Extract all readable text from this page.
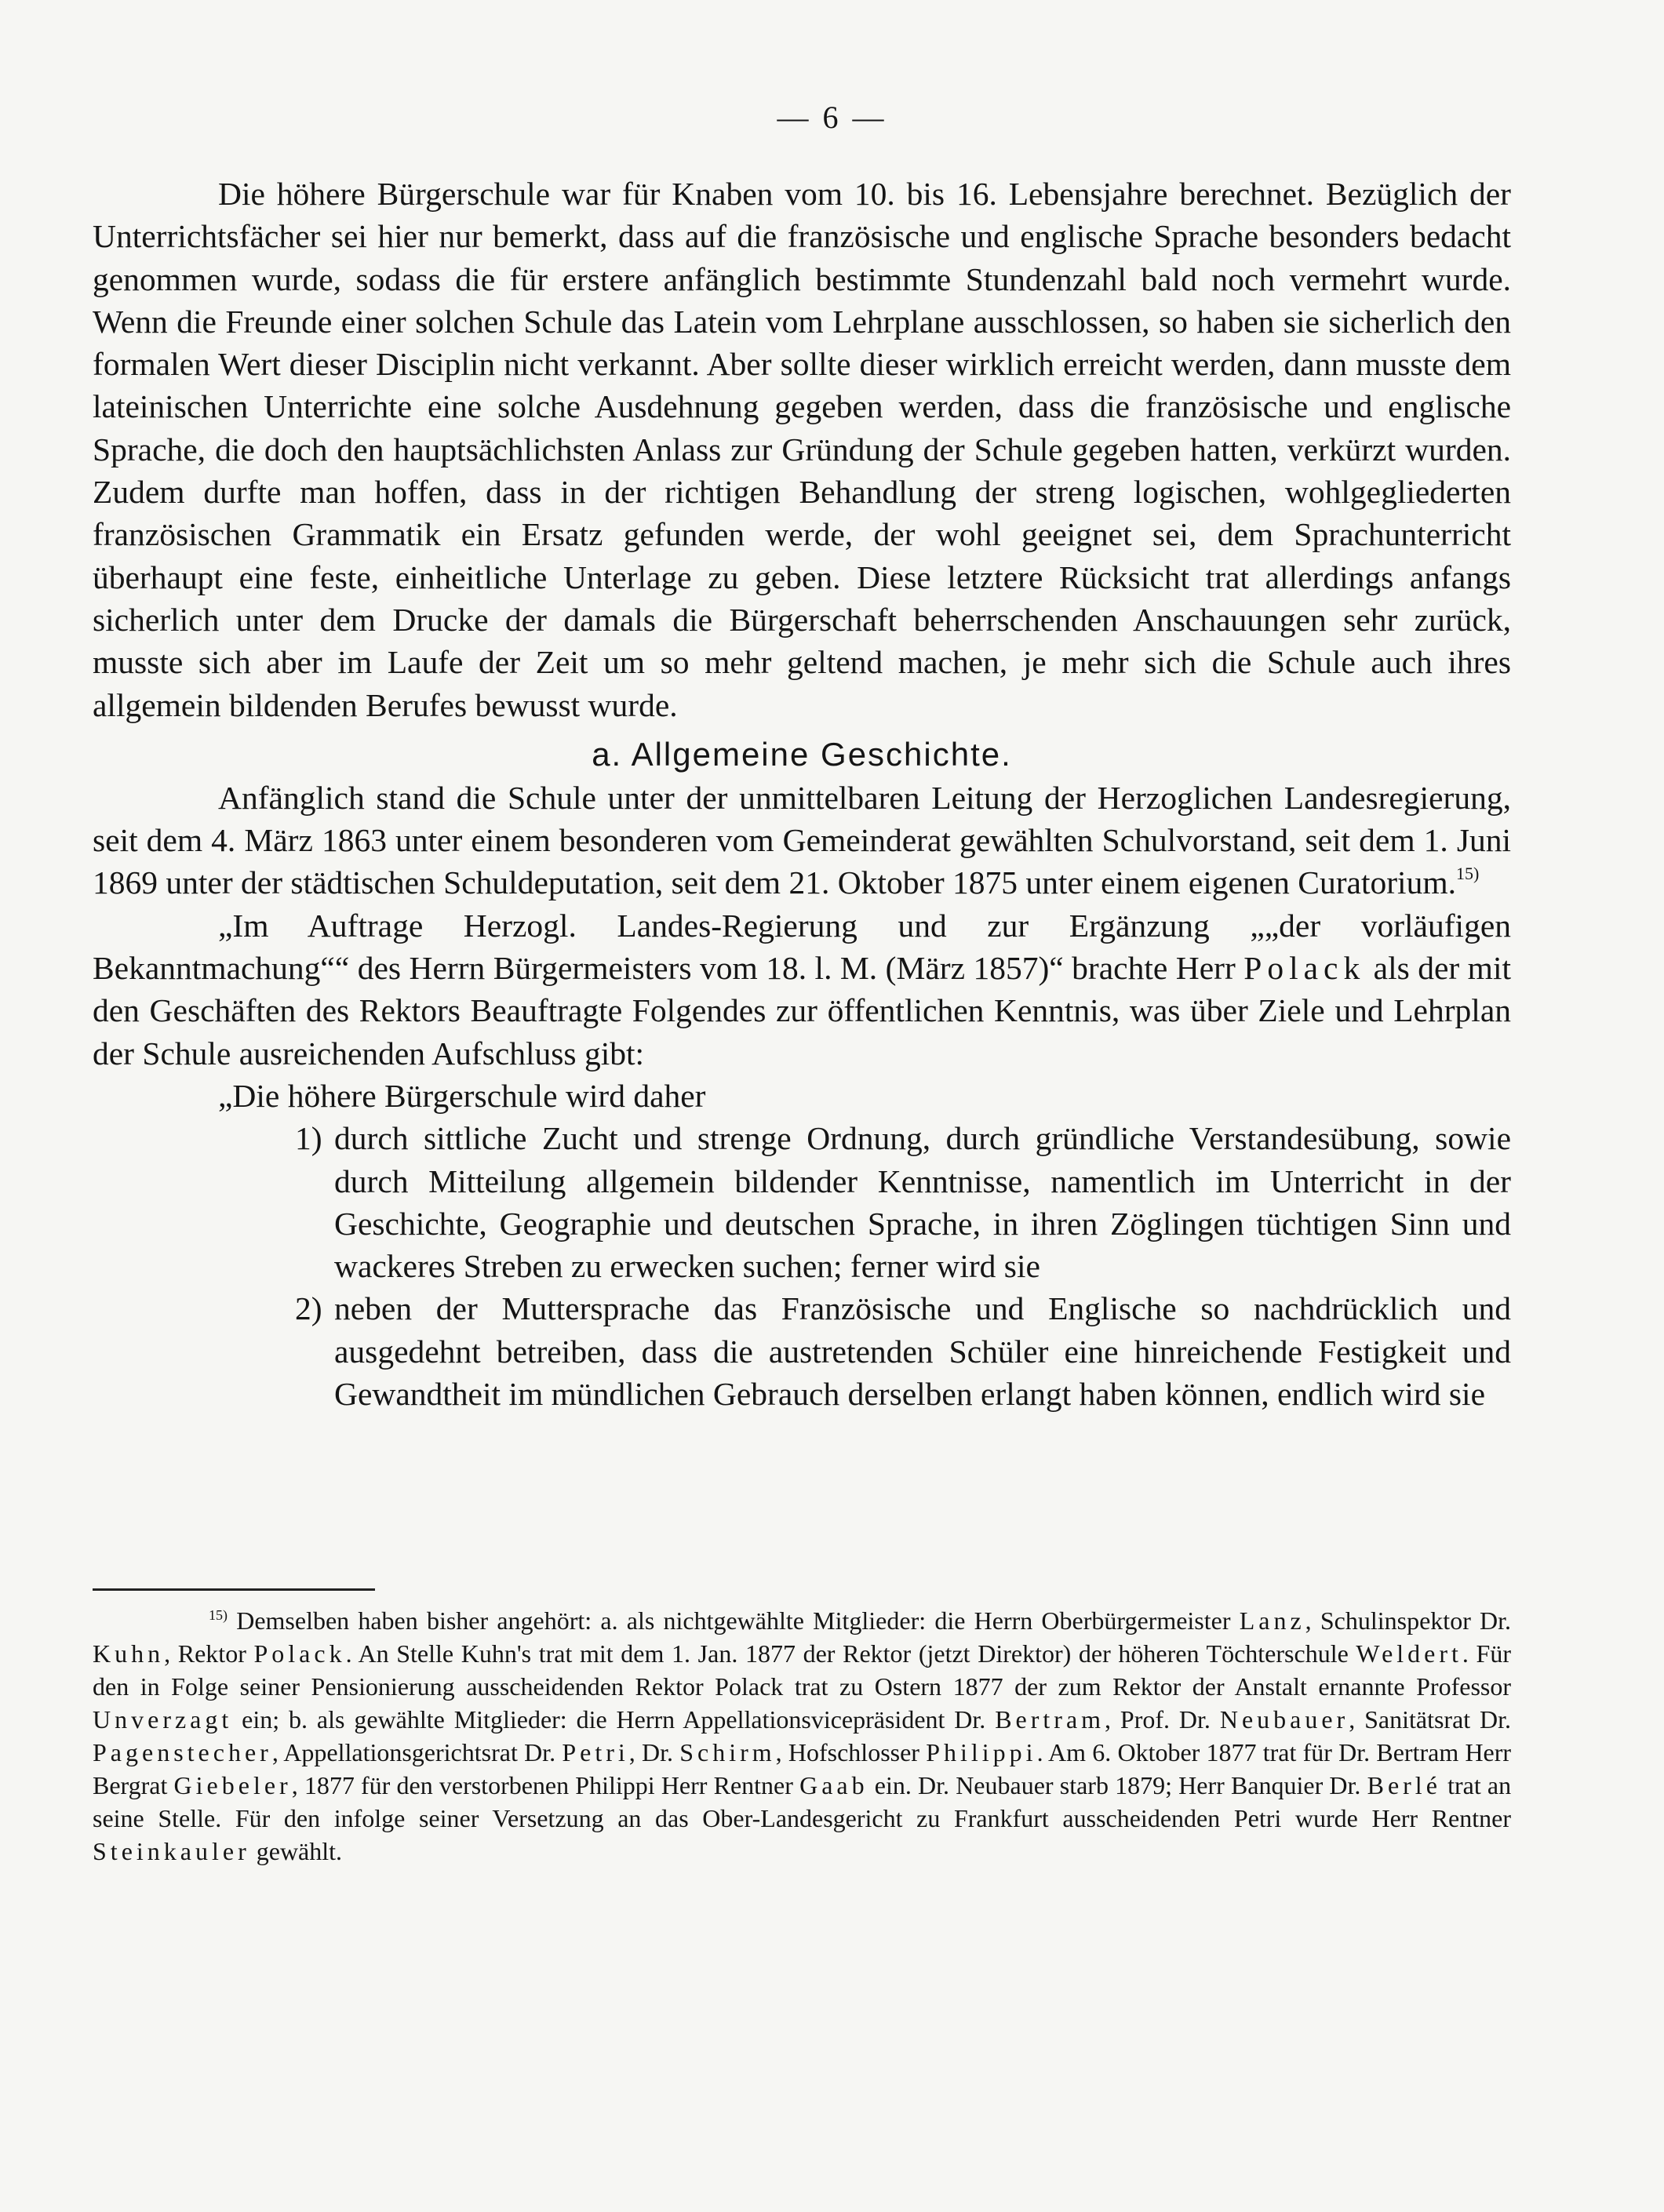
— 6 —

Die höhere Bürgerschule war für Knaben vom 10. bis 16. Lebensjahre berechnet. Bezüglich der Unterrichtsfächer sei hier nur bemerkt, dass auf die französische und englische Sprache besonders bedacht genommen wurde, sodass die für erstere anfänglich bestimmte Stundenzahl bald noch vermehrt wurde. Wenn die Freunde einer solchen Schule das Latein vom Lehrplane ausschlossen, so haben sie sicherlich den formalen Wert dieser Disciplin nicht verkannt. Aber sollte dieser wirklich erreicht werden, dann musste dem lateinischen Unterrichte eine solche Ausdehnung gegeben werden, dass die französische und englische Sprache, die doch den hauptsächlichsten Anlass zur Gründung der Schule gegeben hatten, verkürzt wurden. Zudem durfte man hoffen, dass in der richtigen Behandlung der streng logischen, wohlgegliederten französischen Grammatik ein Ersatz gefunden werde, der wohl geeignet sei, dem Sprachunterricht überhaupt eine feste, einheitliche Unterlage zu geben. Diese letztere Rücksicht trat allerdings anfangs sicherlich unter dem Drucke der damals die Bürgerschaft beherrschenden Anschauungen sehr zurück, musste sich aber im Laufe der Zeit um so mehr geltend machen, je mehr sich die Schule auch ihres allgemein bildenden Berufes bewusst wurde.

a. Allgemeine Geschichte.

Anfänglich stand die Schule unter der unmittelbaren Leitung der Herzoglichen Landesregierung, seit dem 4. März 1863 unter einem besonderen vom Gemeinderat gewählten Schulvorstand, seit dem 1. Juni 1869 unter der städtischen Schuldeputation, seit dem 21. Oktober 1875 unter einem eigenen Curatorium.$^{15)}$

„Im Auftrage Herzogl. Landes-Regierung und zur Ergänzung „„der vorläufigen Bekanntmachung““ des Herrn Bürgermeisters vom 18. l. M. (März 1857)“ brachte Herr Polack als der mit den Geschäften des Rektors Beauftragte Folgendes zur öffentlichen Kenntnis, was über Ziele und Lehrplan der Schule ausreichenden Aufschluss gibt:

„Die höhere Bürgerschule wird daher

1) durch sittliche Zucht und strenge Ordnung, durch gründliche Verstandesübung, sowie durch Mitteilung allgemein bildender Kenntnisse, namentlich im Unterricht in der Geschichte, Geographie und deutschen Sprache, in ihren Zöglingen tüchtigen Sinn und wackeres Streben zu erwecken suchen; ferner wird sie
2) neben der Muttersprache das Französische und Englische so nachdrücklich und ausgedehnt betreiben, dass die austretenden Schüler eine hinreichende Festigkeit und Gewandtheit im mündlichen Gebrauch derselben erlangt haben können, endlich wird sie

$^{15)}$ Demselben haben bisher angehört: a. als nichtgewählte Mitglieder: die Herrn Oberbürgermeister Lanz, Schulinspektor Dr. Kuhn, Rektor Polack. An Stelle Kuhn's trat mit dem 1. Jan. 1877 der Rektor (jetzt Direktor) der höheren Töchterschule Weldert. Für den in Folge seiner Pensionierung ausscheidenden Rektor Polack trat zu Ostern 1877 der zum Rektor der Anstalt ernannte Professor Unverzagt ein; b. als gewählte Mitglieder: die Herrn Appellationsvicepräsident Dr. Bertram, Prof. Dr. Neubauer, Sanitätsrat Dr. Pagenstecher, Appellationsgerichtsrat Dr. Petri, Dr. Schirm, Hofschlosser Philippi. Am 6. Oktober 1877 trat für Dr. Bertram Herr Bergrat Giebeler, 1877 für den verstorbenen Philippi Herr Rentner Gaab ein. Dr. Neubauer starb 1879; Herr Banquier Dr. Berlé trat an seine Stelle. Für den infolge seiner Versetzung an das Ober-Landesgericht zu Frankfurt ausscheidenden Petri wurde Herr Rentner Steinkauler gewählt.
